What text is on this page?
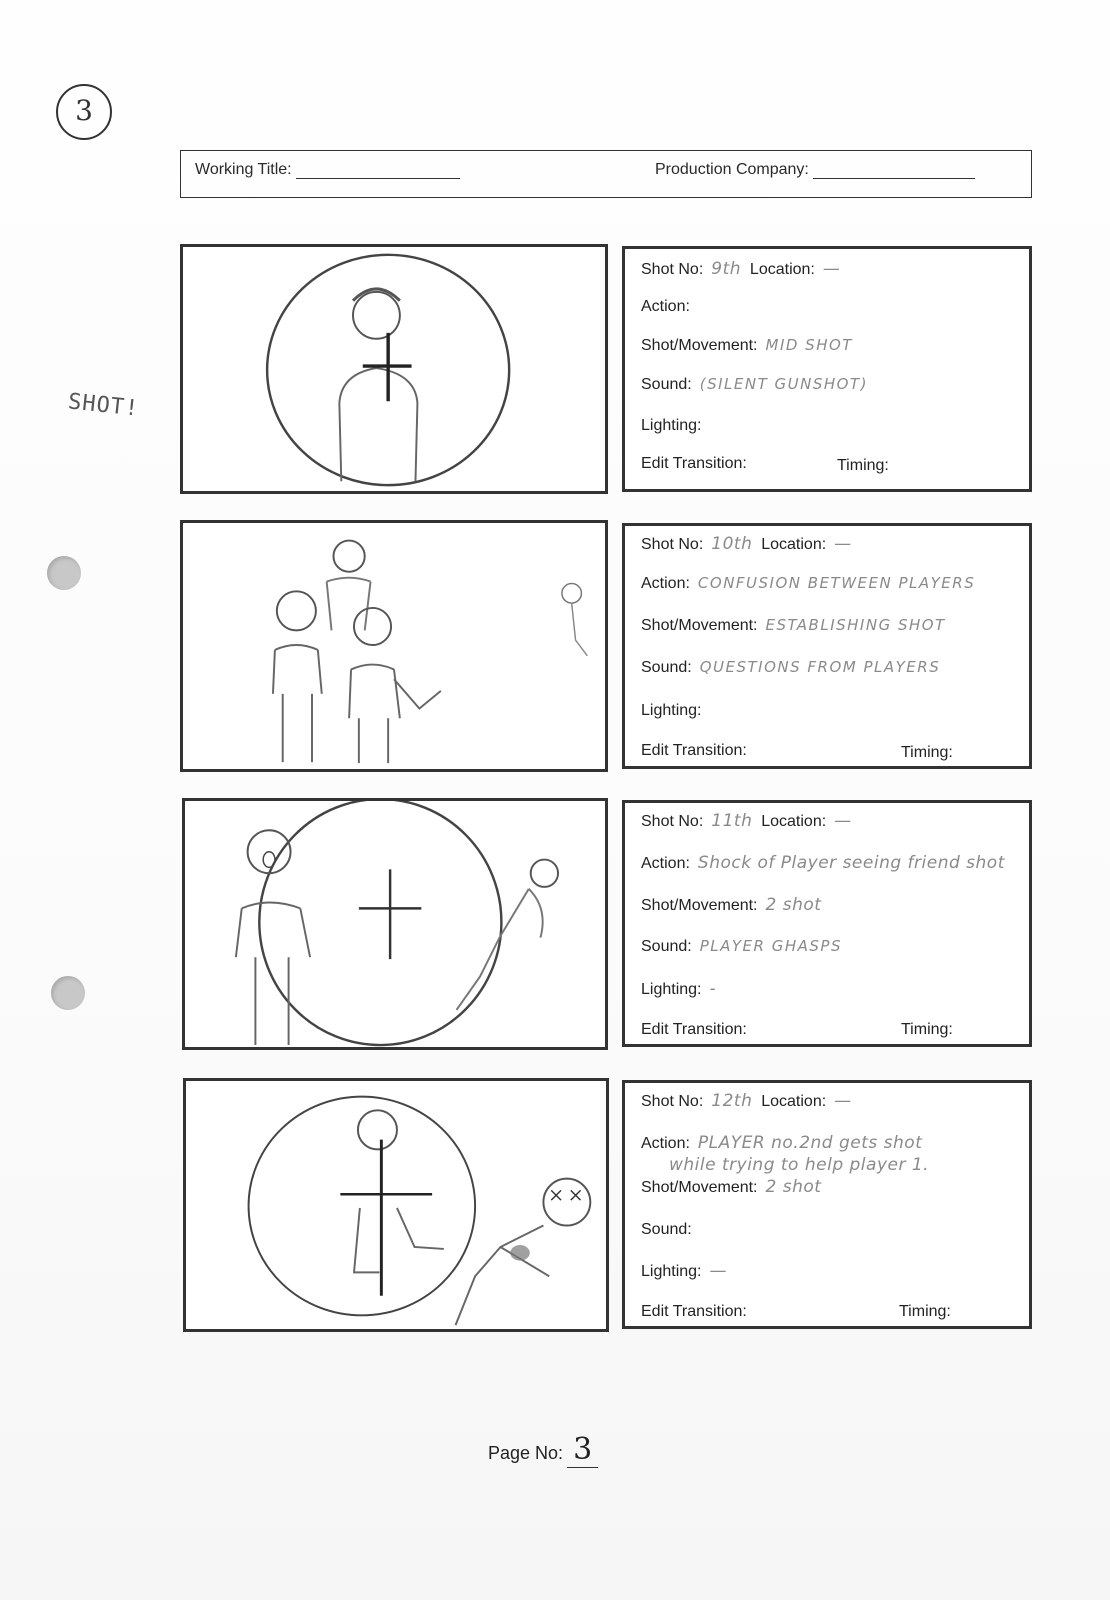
3
SHOT!
Working Title:	Production Company:
Shot No: 9th Location: —
Action:
Shot/Movement: MID SHOT
Sound: (SILENT GUNSHOT)
Lighting:
Edit Transition:	Timing:
Shot No: 10th Location: —
Action: CONFUSION BETWEEN PLAYERS
Shot/Movement: ESTABLISHING SHOT
Sound: QUESTIONS FROM PLAYERS
Lighting:
Edit Transition:	Timing:
Shot No: 11th Location: —
Action: Shock of Player seeing friend shot
Shot/Movement: 2 shot
Sound: PLAYER GHASPS
Lighting: -
Edit Transition:	Timing:
Shot No: 12th Location: —
Action: PLAYER no.2nd gets shot
while trying to help player 1.
Shot/Movement: 2 shot
Sound:
Lighting: —
Edit Transition:	Timing:
Page No: 3
